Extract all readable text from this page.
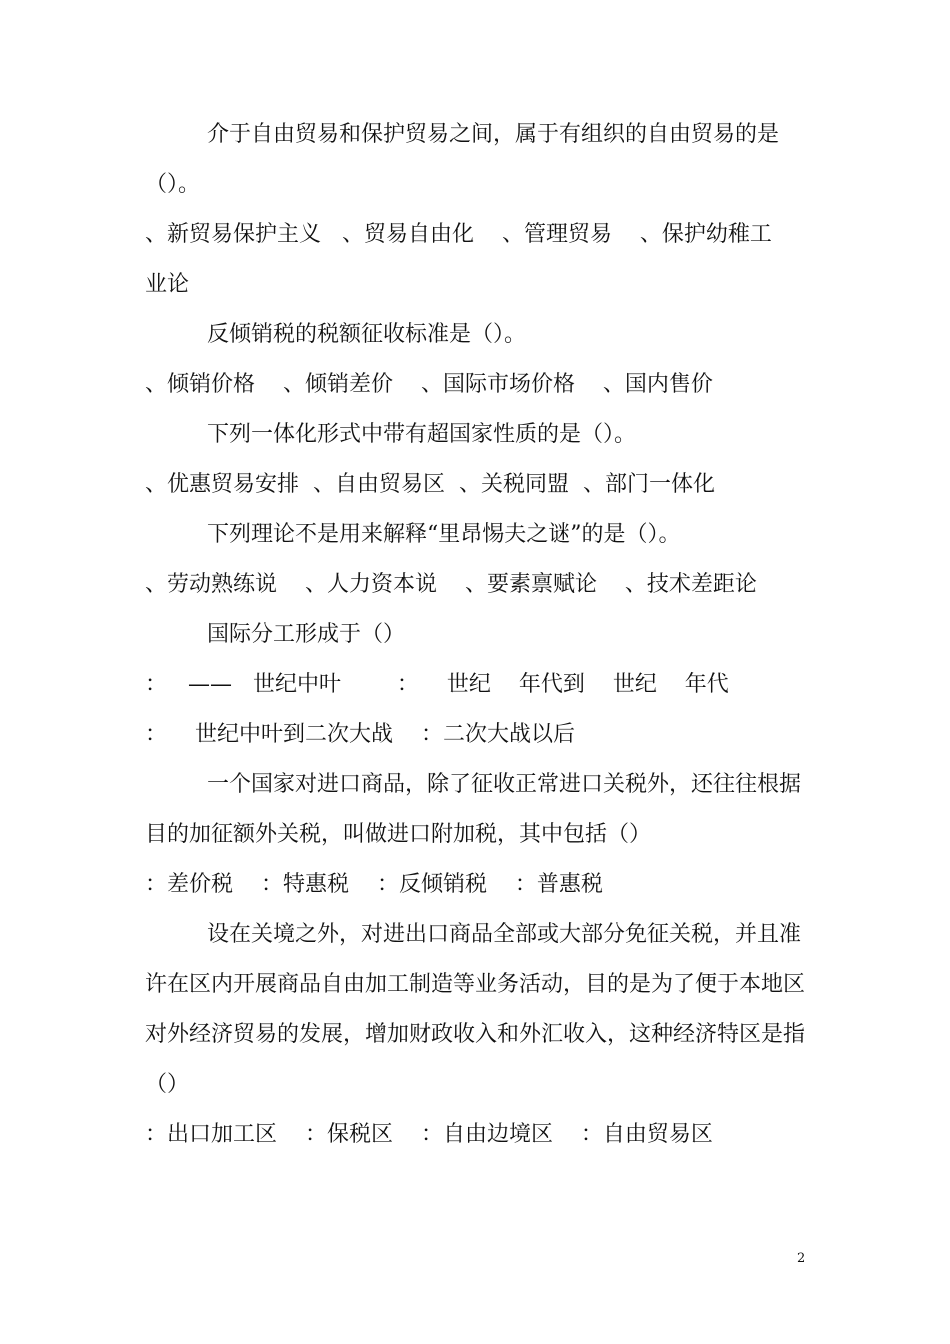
介于自由贸易和保护贸易之间，属于有组织的自由贸易的是
（）。
、新贸易保护主义   、贸易自由化    、管理贸易    、保护幼稚工
业论
反倾销税的税额征收标准是（）。
、倾销价格    、倾销差价    、国际市场价格    、国内售价
下列一体化形式中带有超国家性质的是（）。
、优惠贸易安排  、自由贸易区  、关税同盟  、部门一体化
下列理论不是用来解释“里昂惕夫之谜”的是（）。
、劳动熟练说    、人力资本说    、要素禀赋论    、技术差距论
国际分工形成于（）
：   ——   世纪中叶        ：    世纪    年代到    世纪    年代
：    世纪中叶到二次大战    ：二次大战以后
一个国家对进口商品，除了征收正常进口关税外，还往往根据
目的加征额外关税，叫做进口附加税，其中包括（）
：差价税    ：特惠税    ：反倾销税    ：普惠税
设在关境之外，对进出口商品全部或大部分免征关税，并且准
许在区内开展商品自由加工制造等业务活动，目的是为了便于本地区
对外经济贸易的发展，增加财政收入和外汇收入，这种经济特区是指
（）
：出口加工区    ：保税区    ：自由边境区    ：自由贸易区
2
